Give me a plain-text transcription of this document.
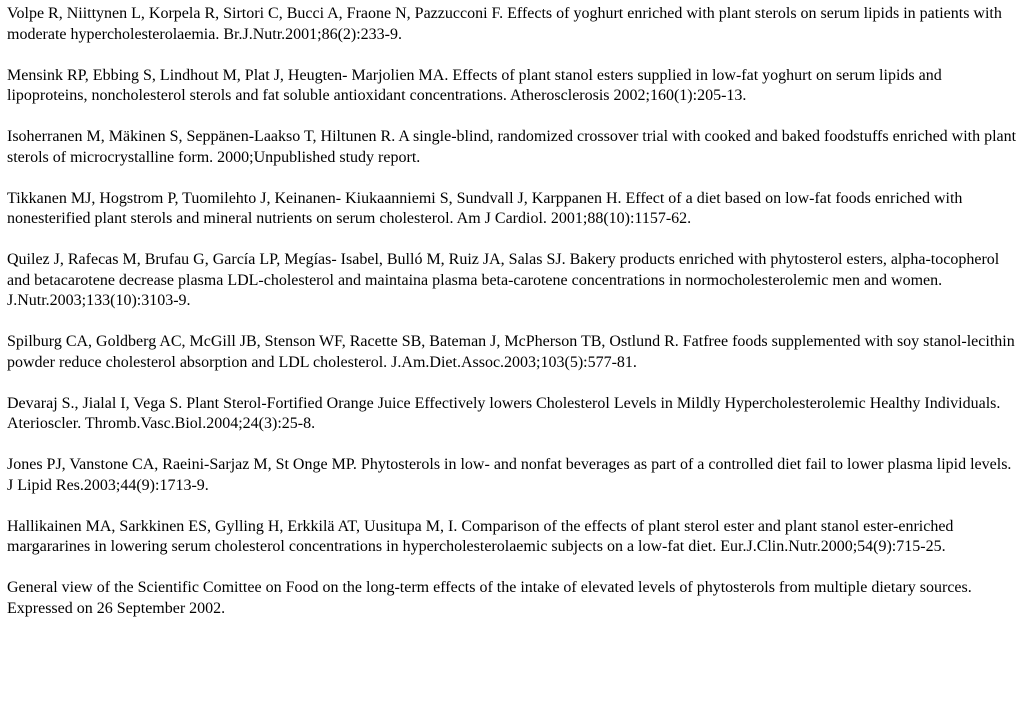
Volpe R, Niittynen L, Korpela R, Sirtori C, Bucci A, Fraone N, Pazzucconi F. Effects of yoghurt enriched with plant sterols on serum lipids in patients with moderate hypercholesterolaemia. Br.J.Nutr.2001;86(2):233-9.

Mensink RP, Ebbing S, Lindhout M, Plat J, Heugten- Marjolien MA. Effects of plant stanol esters supplied in low-fat yoghurt on serum lipids and lipoproteins, noncholesterol sterols and fat soluble antioxidant concentrations. Atherosclerosis 2002;160(1):205-13.

Isoherranen M, Mäkinen S, Seppänen-Laakso T, Hiltunen R. A single-blind, randomized crossover trial with cooked and baked foodstuffs enriched with plant sterols of microcrystalline form. 2000;Unpublished study report.

Tikkanen MJ, Hogstrom P, Tuomilehto J, Keinanen- Kiukaanniemi S, Sundvall J, Karppanen H. Effect of a diet based on low-fat foods enriched with nonesterified plant sterols and mineral nutrients on serum cholesterol. Am J Cardiol. 2001;88(10):1157-62.

Quilez J, Rafecas M, Brufau G, García LP, Megías- Isabel, Bulló M, Ruiz JA, Salas SJ. Bakery products enriched with phytosterol esters, alpha-tocopherol and betacarotene decrease plasma LDL-cholesterol and maintaina plasma beta-carotene concentrations in normocholesterolemic men and women. J.Nutr.2003;133(10):3103-9.

Spilburg CA, Goldberg AC, McGill JB, Stenson WF, Racette SB, Bateman J, McPherson TB, Ostlund R. Fatfree foods supplemented with soy stanol-lecithin powder reduce cholesterol absorption and LDL cholesterol. J.Am.Diet.Assoc.2003;103(5):577-81.

Devaraj S., Jialal I, Vega S. Plant Sterol-Fortified Orange Juice Effectively lowers Cholesterol Levels in Mildly Hypercholesterolemic Healthy Individuals. Aterioscler. Thromb.Vasc.Biol.2004;24(3):25-8.

Jones PJ, Vanstone CA, Raeini-Sarjaz M, St Onge MP. Phytosterols in low- and nonfat beverages as part of a controlled diet fail to lower plasma lipid levels. J Lipid Res.2003;44(9):1713-9.

Hallikainen MA, Sarkkinen ES, Gylling H, Erkkilä AT, Uusitupa M, I. Comparison of the effects of plant sterol ester and plant stanol ester-enriched margararines in lowering serum cholesterol concentrations in hypercholesterolaemic subjects on a low-fat diet. Eur.J.Clin.Nutr.2000;54(9):715-25.

General view of the Scientific Comittee on Food on the long-term effects of the intake of elevated levels of phytosterols from multiple dietary sources. Expressed on 26 September 2002.
